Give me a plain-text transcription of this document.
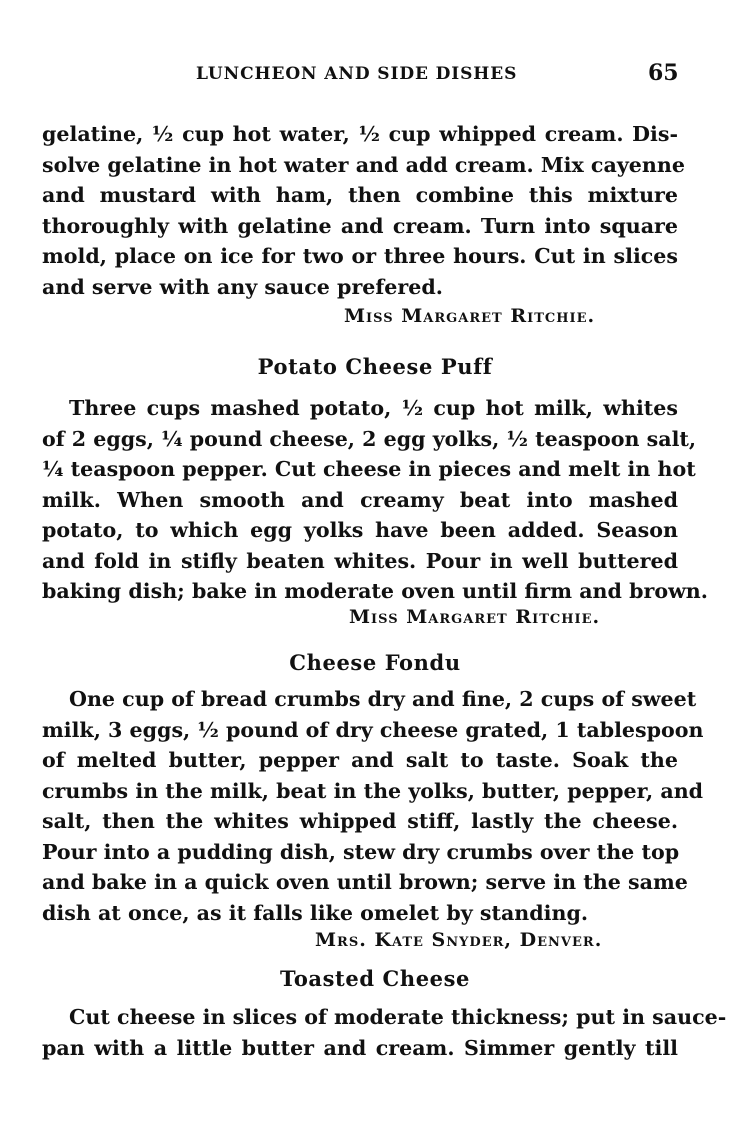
LUNCHEON AND SIDE DISHES	65
gelatine, ½ cup hot water, ½ cup whipped cream. Dis-
solve gelatine in hot water and add cream. Mix cayenne
and mustard with ham, then combine this mixture
thoroughly with gelatine and cream. Turn into square
mold, place on ice for two or three hours. Cut in slices
and serve with any sauce prefered.
Miss Margaret Ritchie.
Potato Cheese Puff
Three cups mashed potato, ½ cup hot milk, whites
of 2 eggs, ¼ pound cheese, 2 egg yolks, ½ teaspoon salt,
¼ teaspoon pepper. Cut cheese in pieces and melt in hot
milk. When smooth and creamy beat into mashed
potato, to which egg yolks have been added. Season
and fold in stifly beaten whites. Pour in well buttered
baking dish; bake in moderate oven until firm and brown.
Miss Margaret Ritchie.
Cheese Fondu
One cup of bread crumbs dry and fine, 2 cups of sweet
milk, 3 eggs, ½ pound of dry cheese grated, 1 tablespoon
of melted butter, pepper and salt to taste. Soak the
crumbs in the milk, beat in the yolks, butter, pepper, and
salt, then the whites whipped stiff, lastly the cheese.
Pour into a pudding dish, stew dry crumbs over the top
and bake in a quick oven until brown; serve in the same
dish at once, as it falls like omelet by standing.
Mrs. Kate Snyder, Denver.
Toasted Cheese
Cut cheese in slices of moderate thickness; put in sauce-
pan with a little butter and cream. Simmer gently till
